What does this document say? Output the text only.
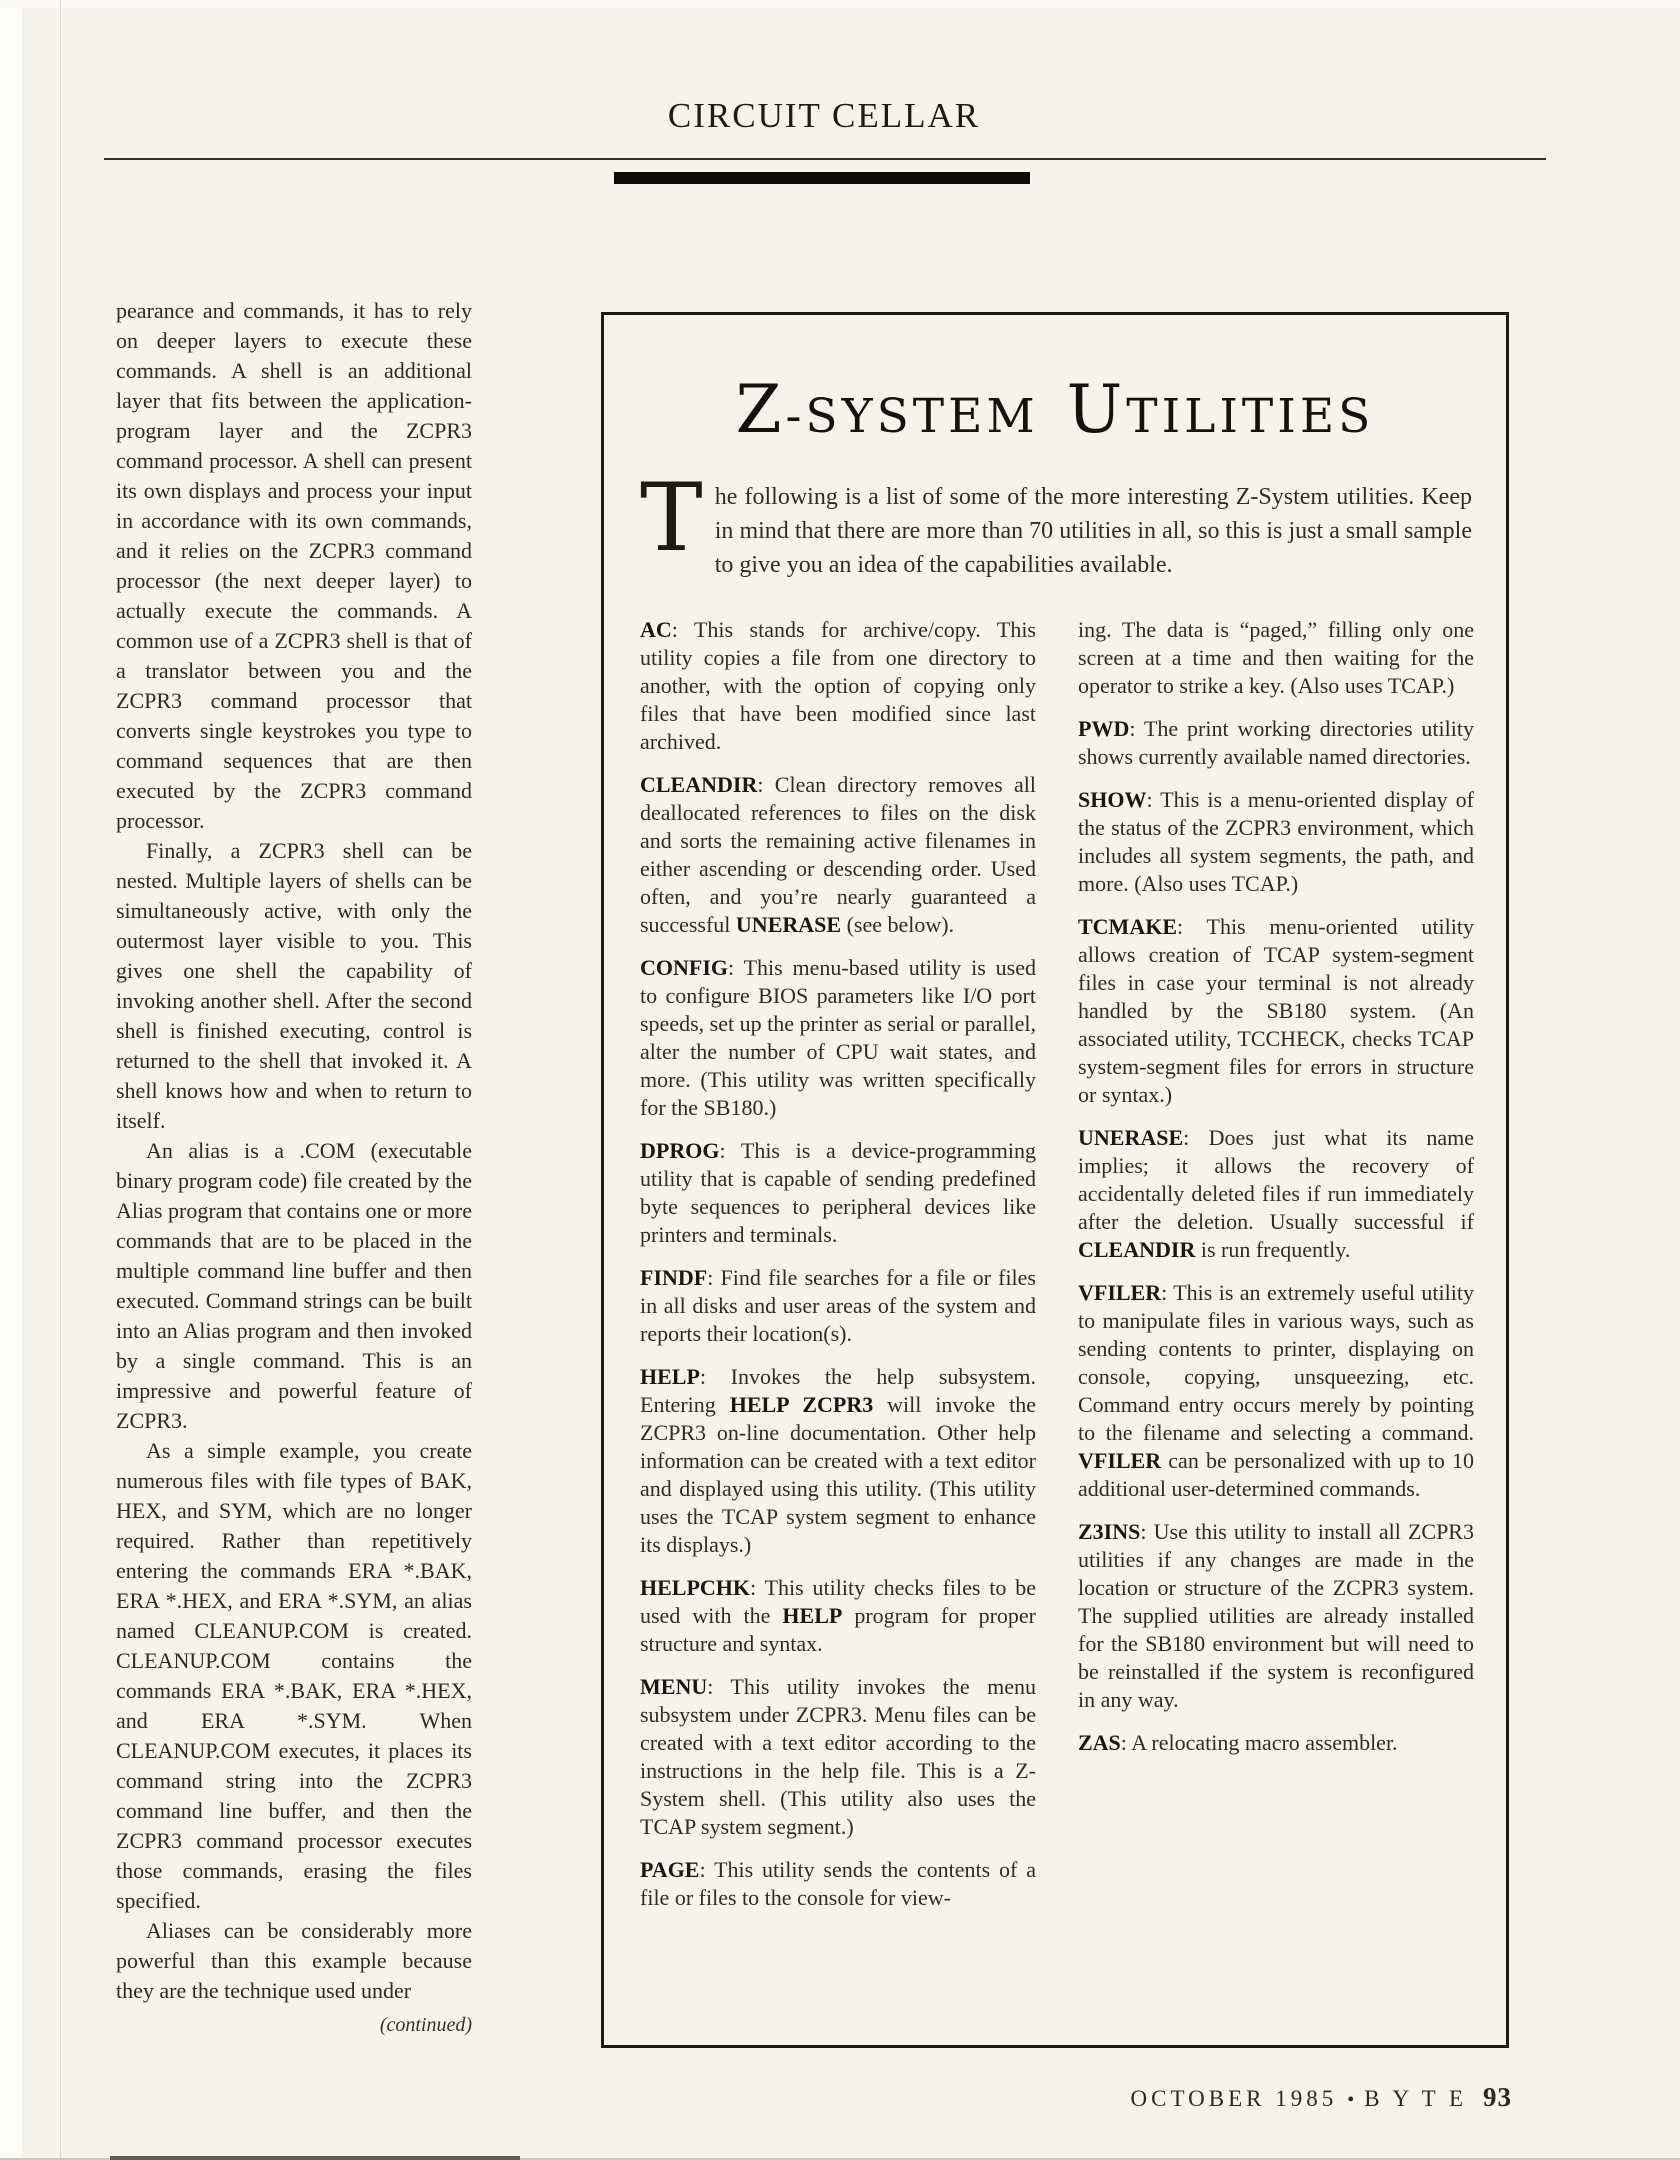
CIRCUIT CELLAR

pearance and commands, it has to rely on deeper layers to execute these commands. A shell is an additional layer that fits between the application-program layer and the ZCPR3 command processor. A shell can present its own displays and process your input in accordance with its own commands, and it relies on the ZCPR3 command processor (the next deeper layer) to actually execute the commands. A common use of a ZCPR3 shell is that of a translator between you and the ZCPR3 command processor that converts single keystrokes you type to command sequences that are then executed by the ZCPR3 command processor.

Finally, a ZCPR3 shell can be nested. Multiple layers of shells can be simultaneously active, with only the outermost layer visible to you. This gives one shell the capability of invoking another shell. After the second shell is finished executing, control is returned to the shell that invoked it. A shell knows how and when to return to itself.

An alias is a .COM (executable binary program code) file created by the Alias program that contains one or more commands that are to be placed in the multiple command line buffer and then executed. Command strings can be built into an Alias program and then invoked by a single command. This is an impressive and powerful feature of ZCPR3.

As a simple example, you create numerous files with file types of BAK, HEX, and SYM, which are no longer required. Rather than repetitively entering the commands ERA *.BAK, ERA *.HEX, and ERA *.SYM, an alias named CLEANUP.COM is created. CLEANUP.COM contains the commands ERA *.BAK, ERA *.HEX, and ERA *.SYM. When CLEANUP.COM executes, it places its command string into the ZCPR3 command line buffer, and then the ZCPR3 command processor executes those commands, erasing the files specified.

Aliases can be considerably more powerful than this example because they are the technique used under

(continued)
Z-SYSTEM UTILITIES

The following is a list of some of the more interesting Z-System utilities. Keep in mind that there are more than 70 utilities in all, so this is just a small sample to give you an idea of the capabilities available.

AC: This stands for archive/copy. This utility copies a file from one directory to another, with the option of copying only files that have been modified since last archived.

CLEANDIR: Clean directory removes all deallocated references to files on the disk and sorts the remaining active filenames in either ascending or descending order. Used often, and you’re nearly guaranteed a successful UNERASE (see below).

CONFIG: This menu-based utility is used to configure BIOS parameters like I/O port speeds, set up the printer as serial or parallel, alter the number of CPU wait states, and more. (This utility was written specifically for the SB180.)

DPROG: This is a device-programming utility that is capable of sending predefined byte sequences to peripheral devices like printers and terminals.

FINDF: Find file searches for a file or files in all disks and user areas of the system and reports their location(s).

HELP: Invokes the help subsystem. Entering HELP ZCPR3 will invoke the ZCPR3 on-line documentation. Other help information can be created with a text editor and displayed using this utility. (This utility uses the TCAP system segment to enhance its displays.)

HELPCHK: This utility checks files to be used with the HELP program for proper structure and syntax.

MENU: This utility invokes the menu subsystem under ZCPR3. Menu files can be created with a text editor according to the instructions in the help file. This is a Z-System shell. (This utility also uses the TCAP system segment.)

PAGE: This utility sends the contents of a file or files to the console for view-

ing. The data is “paged,” filling only one screen at a time and then waiting for the operator to strike a key. (Also uses TCAP.)

PWD: The print working directories utility shows currently available named directories.

SHOW: This is a menu-oriented display of the status of the ZCPR3 environment, which includes all system segments, the path, and more. (Also uses TCAP.)

TCMAKE: This menu-oriented utility allows creation of TCAP system-segment files in case your terminal is not already handled by the SB180 system. (An associated utility, TCCHECK, checks TCAP system-segment files for errors in structure or syntax.)

UNERASE: Does just what its name implies; it allows the recovery of accidentally deleted files if run immediately after the deletion. Usually successful if CLEANDIR is run frequently.

VFILER: This is an extremely useful utility to manipulate files in various ways, such as sending contents to printer, displaying on console, copying, unsqueezing, etc. Command entry occurs merely by pointing to the filename and selecting a command. VFILER can be personalized with up to 10 additional user-determined commands.

Z3INS: Use this utility to install all ZCPR3 utilities if any changes are made in the location or structure of the ZCPR3 system. The supplied utilities are already installed for the SB180 environment but will need to be reinstalled if the system is reconfigured in any way.

ZAS: A relocating macro assembler.

OCTOBER 1985 • B Y T E 93
